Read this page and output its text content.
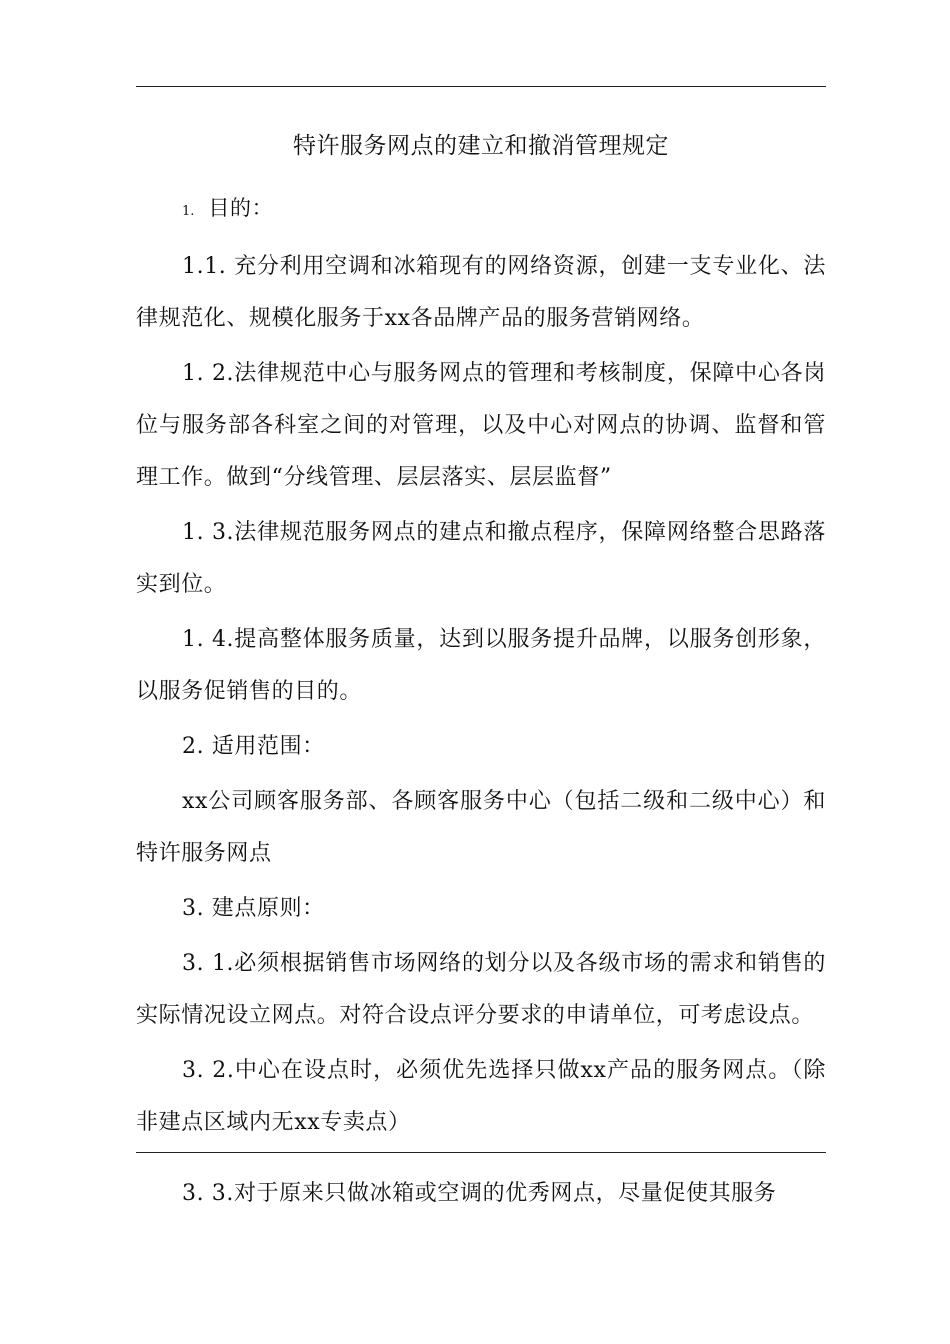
特许服务网点的建立和撤消管理规定

1. 目的：

1.1. 充分利用空调和冰箱现有的网络资源，创建一支专业化、法律规范化、规模化服务于xx各品牌产品的服务营销网络。

1. 2.法律规范中心与服务网点的管理和考核制度，保障中心各岗位与服务部各科室之间的对管理，以及中心对网点的协调、监督和管理工作。做到“分线管理、层层落实、层层监督”

1. 3.法律规范服务网点的建点和撤点程序，保障网络整合思路落实到位。

1. 4.提高整体服务质量，达到以服务提升品牌，以服务创形象，以服务促销售的目的。

2. 适用范围：

xx公司顾客服务部、各顾客服务中心（包括二级和二级中心）和特许服务网点

3. 建点原则：

3. 1.必须根据销售市场网络的划分以及各级市场的需求和销售的实际情况设立网点。对符合设点评分要求的申请单位，可考虑设点。

3. 2.中心在设点时，必须优先选择只做xx产品的服务网点。（除非建点区域内无xx专卖点）

3. 3.对于原来只做冰箱或空调的优秀网点，尽量促使其服务
